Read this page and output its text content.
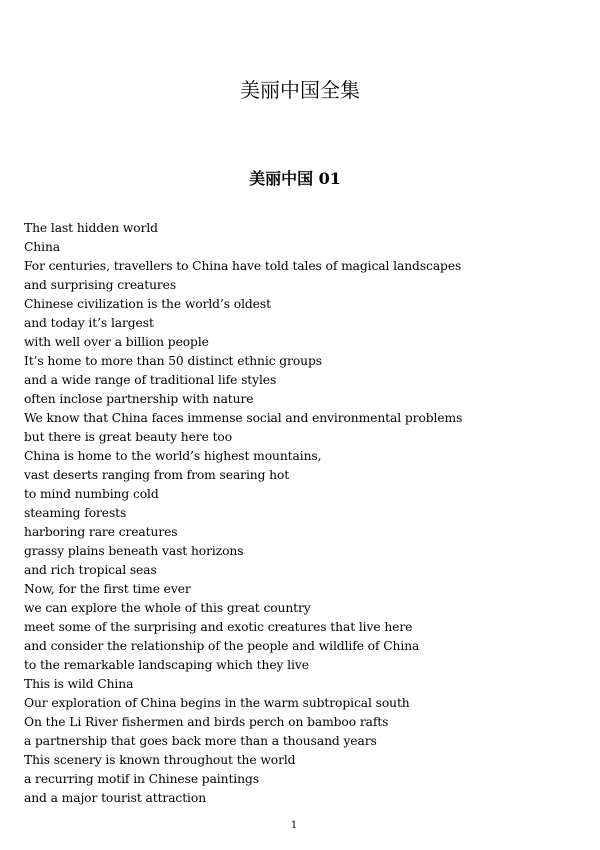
美丽中国全集
美丽中国 01
The last hidden world
China
For centuries, travellers to China have told tales of magical landscapes
and surprising creatures
Chinese civilization is the world’s oldest
and today it’s largest
with well over a billion people
It’s home to more than 50 distinct ethnic groups
and a wide range of traditional life styles
often inclose partnership with nature
We know that China faces immense social and environmental problems
but there is great beauty here too
China is home to the world’s highest mountains,
vast deserts ranging from from searing hot
to mind numbing cold
steaming forests
harboring rare creatures
grassy plains beneath vast horizons
and rich tropical seas
Now, for the first time ever
we can explore the whole of this great country
meet some of the surprising and exotic creatures that live here
and consider the relationship of the people and wildlife of China
to the remarkable landscaping which they live
This is wild China
Our exploration of China begins in the warm subtropical south
On the Li River fishermen and birds perch on bamboo rafts
a partnership that goes back more than a thousand years
This scenery is known throughout the world
a recurring motif in Chinese paintings
and a major tourist attraction
1
